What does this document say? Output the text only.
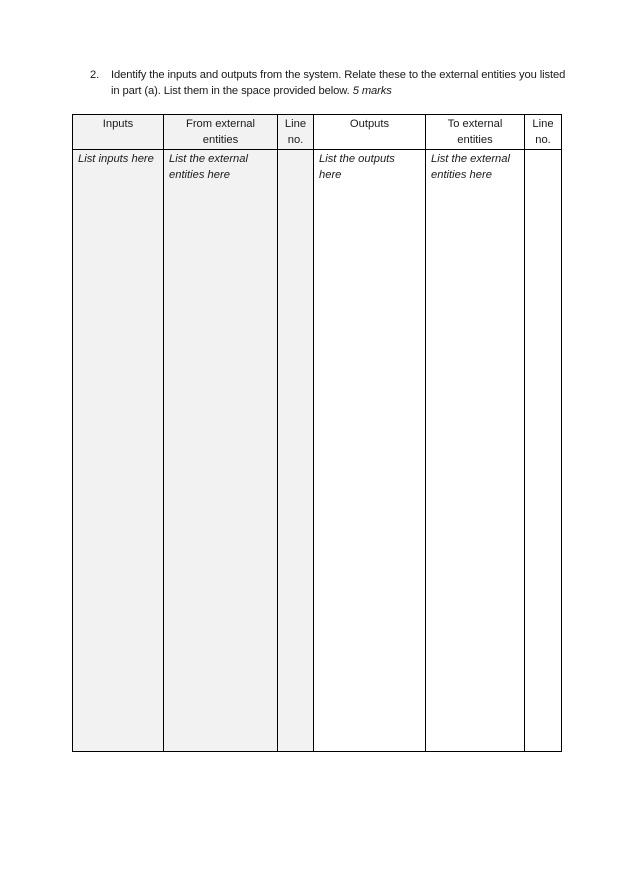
2. Identify the inputs and outputs from the system. Relate these to the external entities you listed in part (a). List them in the space provided below. 5 marks
Inputs	From external entities	Line no.	Outputs	To external entities	Line no.
List inputs here	List the external entities here		List the outputs here	List the external entities here	
